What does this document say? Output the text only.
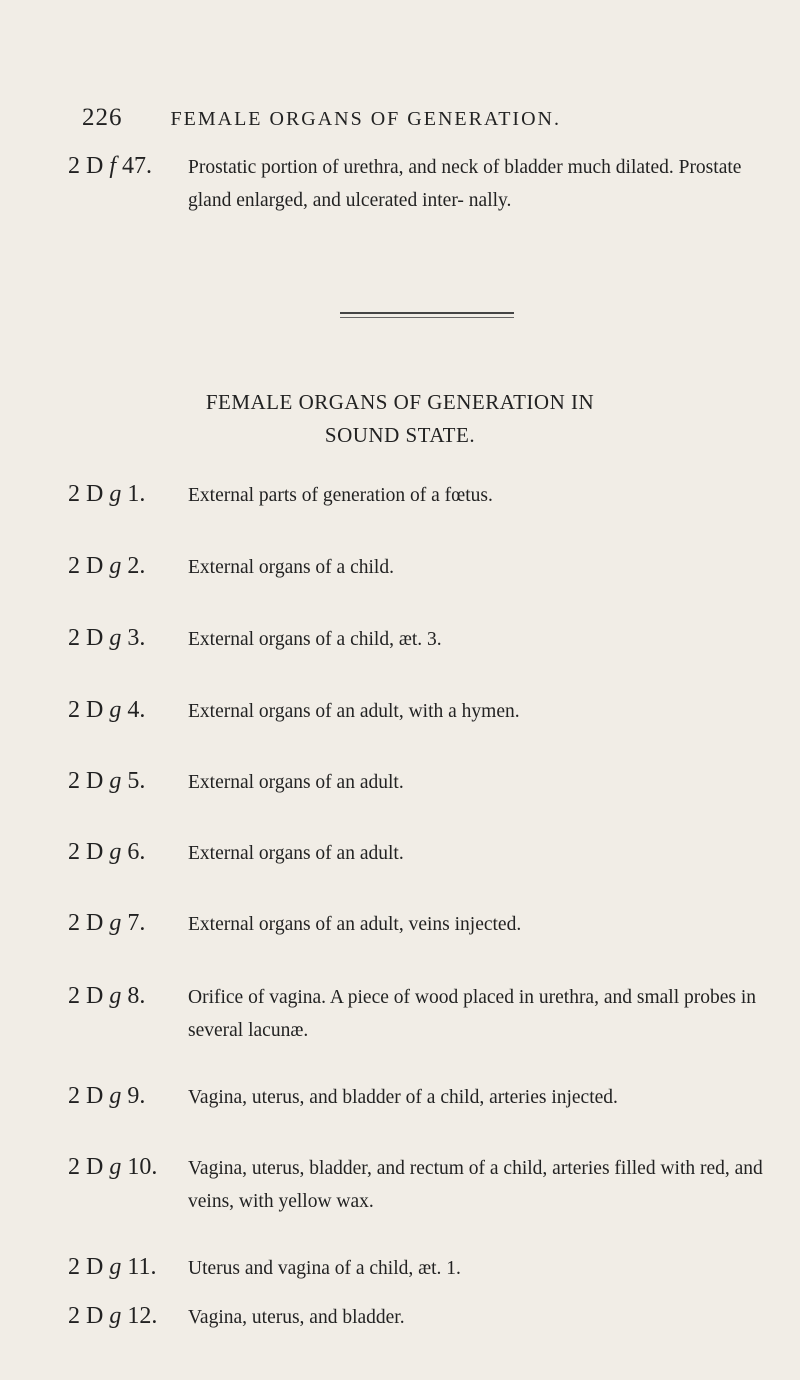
226 FEMALE ORGANS OF GENERATION.
2 D f 47.	Prostatic portion of urethra, and neck of bladder much dilated. Prostate gland enlarged, and ulcerated inter- nally.
FEMALE ORGANS OF GENERATION IN
SOUND STATE.
2 D g 1.	External parts of generation of a fœtus.
2 D g 2.	External organs of a child.
2 D g 3.	External organs of a child, æt. 3.
2 D g 4.	External organs of an adult, with a hymen.
2 D g 5.	External organs of an adult.
2 D g 6.	External organs of an adult.
2 D g 7.	External organs of an adult, veins injected.
2 D g 8.	Orifice of vagina. A piece of wood placed in urethra, and small probes in several lacunæ.
2 D g 9.	Vagina, uterus, and bladder of a child, arteries injected.
2 D g 10.	Vagina, uterus, bladder, and rectum of a child, arteries filled with red, and veins, with yellow wax.
2 D g 11.	Uterus and vagina of a child, æt. 1.
2 D g 12.	Vagina, uterus, and bladder.
